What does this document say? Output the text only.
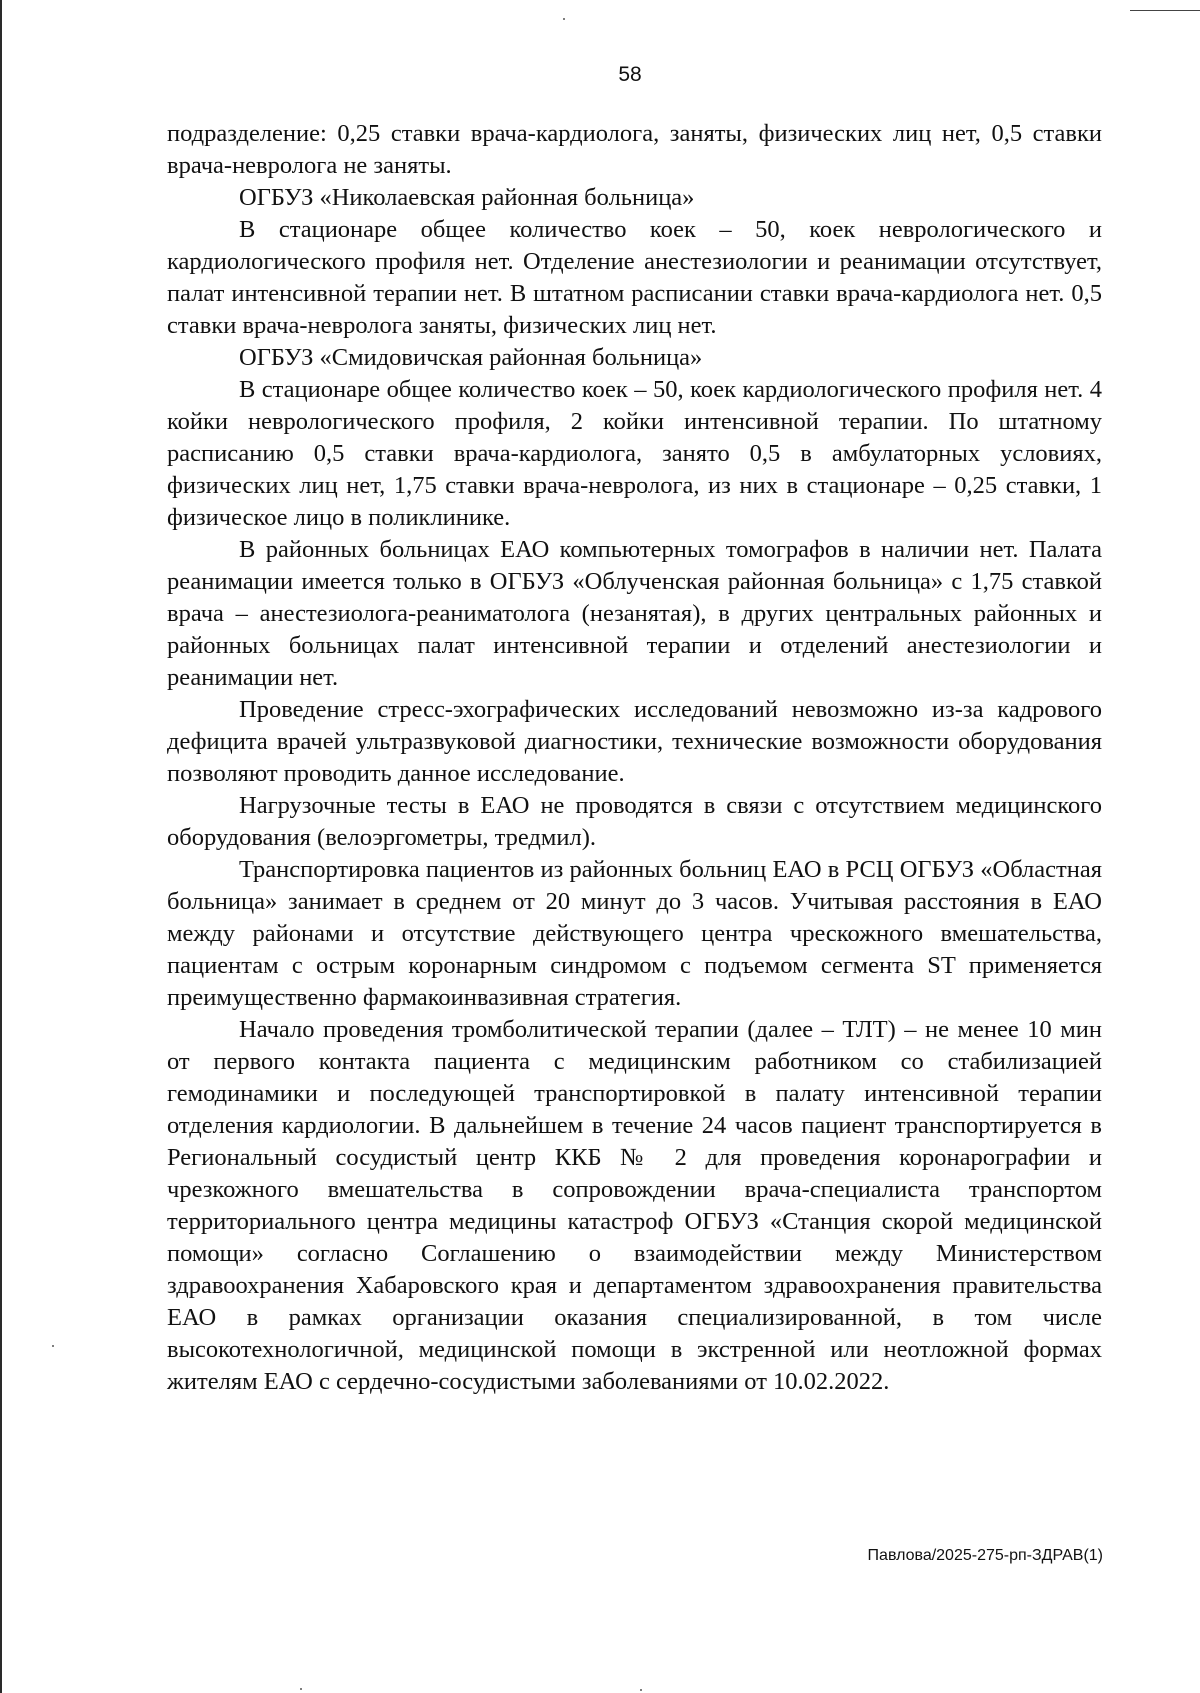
58

подразделение: 0,25 ставки врача-кардиолога, заняты, физических лиц нет, 0,5 ставки врача-невролога не заняты.

ОГБУЗ «Николаевская районная больница»

В стационаре общее количество коек – 50, коек неврологического и кардиологического профиля нет. Отделение анестезиологии и реанимации отсутствует, палат интенсивной терапии нет. В штатном расписании ставки врача-кардиолога нет. 0,5 ставки врача-невролога заняты, физических лиц нет.

ОГБУЗ «Смидовичская районная больница»

В стационаре общее количество коек – 50, коек кардиологического профиля нет. 4 койки неврологического профиля, 2 койки интенсивной терапии. По штатному расписанию 0,5 ставки врача-кардиолога, занято 0,5 в амбулаторных условиях, физических лиц нет, 1,75 ставки врача-невролога, из них в стационаре – 0,25 ставки, 1 физическое лицо в поликлинике.

В районных больницах ЕАО компьютерных томографов в наличии нет. Палата реанимации имеется только в ОГБУЗ «Облученская районная больница» с 1,75 ставкой врача – анестезиолога-реаниматолога (незанятая), в других центральных районных и районных больницах палат интенсивной терапии и отделений анестезиологии и реанимации нет.

Проведение стресс-эхографических исследований невозможно из-за кадрового дефицита врачей ультразвуковой диагностики, технические возможности оборудования позволяют проводить данное исследование.

Нагрузочные тесты в ЕАО не проводятся в связи с отсутствием медицинского оборудования (велоэргометры, тредмил).

Транспортировка пациентов из районных больниц ЕАО в РСЦ ОГБУЗ «Областная больница» занимает в среднем от 20 минут до 3 часов. Учитывая расстояния в ЕАО между районами и отсутствие действующего центра чрескожного вмешательства, пациентам с острым коронарным синдромом с подъемом сегмента ST применяется преимущественно фармакоинвазивная стратегия.

Начало проведения тромболитической терапии (далее – ТЛТ) – не менее 10 мин от первого контакта пациента с медицинским работником со стабилизацией гемодинамики и последующей транспортировкой в палату интенсивной терапии отделения кардиологии. В дальнейшем в течение 24 часов пациент транспортируется в Региональный сосудистый центр ККБ № 2 для проведения коронарографии и чрезкожного вмешательства в сопровождении врача-специалиста транспортом территориального центра медицины катастроф ОГБУЗ «Станция скорой медицинской помощи» согласно Соглашению о взаимодействии между Министерством здравоохранения Хабаровского края и департаментом здравоохранения правительства ЕАО в рамках организации оказания специализированной, в том числе высокотехнологичной, медицинской помощи в экстренной или неотложной формах жителям ЕАО с сердечно-сосудистыми заболеваниями от 10.02.2022.

Павлова/2025-275-рп-ЗДРАВ(1)
